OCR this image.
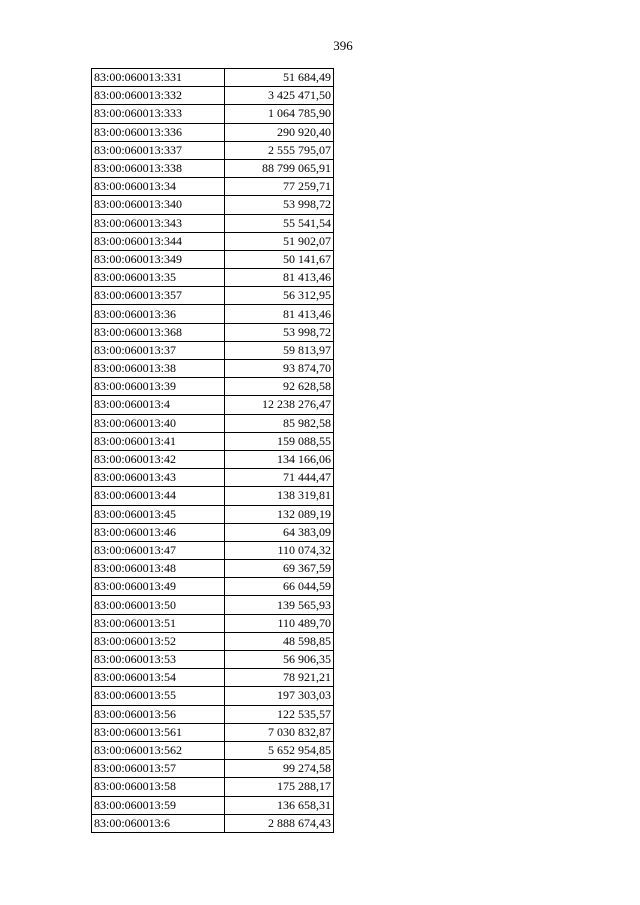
396
83:00:060013:331	51 684,49
83:00:060013:332	3 425 471,50
83:00:060013:333	1 064 785,90
83:00:060013:336	290 920,40
83:00:060013:337	2 555 795,07
83:00:060013:338	88 799 065,91
83:00:060013:34	77 259,71
83:00:060013:340	53 998,72
83:00:060013:343	55 541,54
83:00:060013:344	51 902,07
83:00:060013:349	50 141,67
83:00:060013:35	81 413,46
83:00:060013:357	56 312,95
83:00:060013:36	81 413,46
83:00:060013:368	53 998,72
83:00:060013:37	59 813,97
83:00:060013:38	93 874,70
83:00:060013:39	92 628,58
83:00:060013:4	12 238 276,47
83:00:060013:40	85 982,58
83:00:060013:41	159 088,55
83:00:060013:42	134 166,06
83:00:060013:43	71 444,47
83:00:060013:44	138 319,81
83:00:060013:45	132 089,19
83:00:060013:46	64 383,09
83:00:060013:47	110 074,32
83:00:060013:48	69 367,59
83:00:060013:49	66 044,59
83:00:060013:50	139 565,93
83:00:060013:51	110 489,70
83:00:060013:52	48 598,85
83:00:060013:53	56 906,35
83:00:060013:54	78 921,21
83:00:060013:55	197 303,03
83:00:060013:56	122 535,57
83:00:060013:561	7 030 832,87
83:00:060013:562	5 652 954,85
83:00:060013:57	99 274,58
83:00:060013:58	175 288,17
83:00:060013:59	136 658,31
83:00:060013:6	2 888 674,43
